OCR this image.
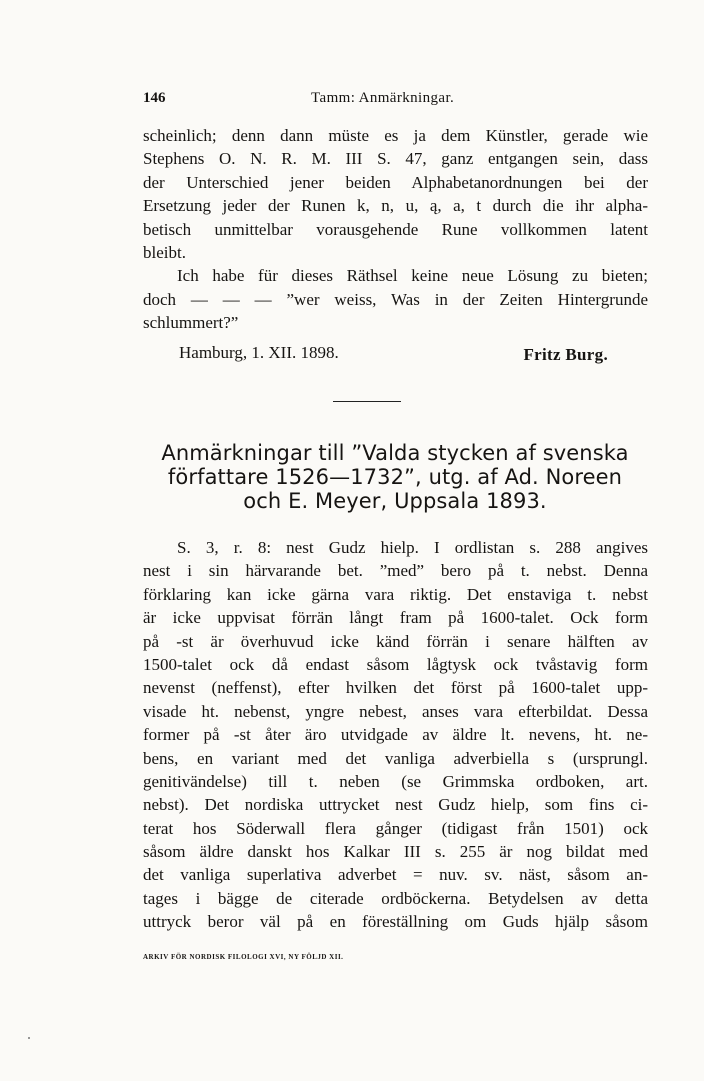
146	Tamm: Anmärkningar.
scheinlich; denn dann müste es ja dem Künstler, gerade wie
Stephens O. N. R. M. III S. 47, ganz entgangen sein, dass
der Unterschied jener beiden Alphabetanordnungen bei der
Ersetzung jeder der Runen k, n, u, ą, a, t durch die ihr alpha-
betisch unmittelbar vorausgehende Rune vollkommen latent
bleibt.
Ich habe für dieses Räthsel keine neue Lösung zu bieten;
doch — — — ”wer weiss, Was in der Zeiten Hintergrunde
schlummert?”
Hamburg, 1. XII. 1898.	Fritz Burg.
Anmärkningar till ”Valda stycken af svenska
författare 1526—1732”, utg. af Ad. Noreen
och E. Meyer, Uppsala 1893.
S. 3, r. 8: nest Gudz hielp. I ordlistan s. 288 angives
nest i sin härvarande bet. ”med” bero på t. nebst. Denna
förklaring kan icke gärna vara riktig. Det enstaviga t. nebst
är icke uppvisat förrän långt fram på 1600-talet. Ock form
på -st är överhuvud icke känd förrän i senare hälften av
1500-talet ock då endast såsom lågtysk ock tvåstavig form
nevenst (neffenst), efter hvilken det först på 1600-talet upp-
visade ht. nebenst, yngre nebest, anses vara efterbildat. Dessa
former på -st åter äro utvidgade av äldre lt. nevens, ht. ne-
bens, en variant med det vanliga adverbiella s (ursprungl.
genitivändelse) till t. neben (se Grimmska ordboken, art.
nebst). Det nordiska uttrycket nest Gudz hielp, som fins ci-
terat hos Söderwall flera gånger (tidigast från 1501) ock
såsom äldre danskt hos Kalkar III s. 255 är nog bildat med
det vanliga superlativa adverbet = nuv. sv. näst, såsom an-
tages i bägge de citerade ordböckerna. Betydelsen av detta
uttryck beror väl på en föreställning om Guds hjälp såsom
ARKIV FÖR NORDISK FILOLOGI XVI, NY FÖLJD XII.
